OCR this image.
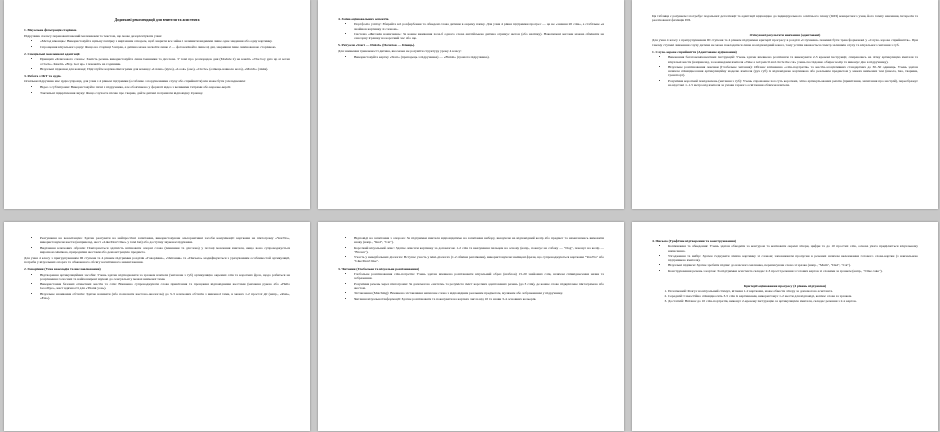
Додаткові рекомендації для вчителя та асистента
1. Візуальна фільтрація сторінки.

Підручник 4 класу перенавантажений малюнками та текстом, що може дезорієнтувати учня:

• «Метод віконця»: Використовуйте щільну папірку з вирізаним отвором, щоб закрити все зайве і залишити видимим лише одне завдання або одну картинку.
• Спрощення візуального ряду: Якщо на сторінці 5 вправ, а дитина може засвоїти лише 2 — фотокопіюйте лише ці дві, закривши інше ламінованою сторінкою.
2. Спеціальні мовленнєві адаптації.
• Принцип «Ключового слова»: Замість речень використовуйте лише іменники та дієслова. У темі про розпорядок дня (Module 2) не кажіть «The boy gets up at seven o'clock». Кажіть «Boy. Get up» і покажіть на годинник.
• Візуальні підказки для команд: Підготуйте картки-піктограми для команд: «Listen» (вухо), «Look» (око), «Circle» (олівець навколо кола), «Match» (лінія).
3. Робота з ІКТ та аудіо.

Оскільки підручник має аудіосупровід, для учня з 4 рівнем підтримки (особливо з порушеннями слуху або сприйняття) він може бути ускладненим:

• Відео з субтитрами: Використовуйте пісні з підручника, але обов'язково у форматі відео з великими титрами або караоке-версії.
• Тактильні підкріплення звуку: Якщо слухаєте пісню про тварин, дайте дитині потримати відповідну іграшку.
4. Зміна оцінювальних аспектів.
• Портфоліо успіху: Збирайте всі розфарбовки та обведені слова дитини в окрему папку. Для учня 4 рівня підтримки прогрес — це не «знання 20 слів», а стабільне «я знайшов картинку зі словом».
• Система «Жетонів намагання»: За кожне вживання хоча-б одного слова англійською дитина отримує жетон (або наліпку). Накопичені жетони можна обміняти на сенсорну іграшку на короткий час або ще.
5. Ритуали «Start — Finish» (Початок — Кінець).

Для зниження тривожності дитина, яка може не розуміти структуру уроку 4 класу:

• Використовуйте картку «Start» (прапорець з підручника) — «Finish» (грамота підручника).

Ця таблиця є рахунком і потребує подальшої деталізації та адаптації відповідно до індивідуального освітнього плану (ІОП) конкретного учня, його темпу навчання, інтересів та реалізованої фахівців ПП.

Очікувані результати навчання (адаптовані)

Для учня 4 класу з пригрупуванням ІІІ ступеня та 4 рівнем підтримки критерії прогресу в розділі «Слухання» повинні бути трансформовані у «Слухо-зорове сприйняття». При такому ступені зниження слуху дитина не може покладатися лише на відповідний канал, тому успіхи вважається спектр залишків слуху та візуального читання з губ.

1. Слухо-зорове сприйняття (Адаптоване аудіювання)
• Виконання багатокомпонентних інструкцій: Учень здатен впевнено розпізнати та виконувати 2-3 крокові інструкції, спираючись на чітку артикуляцію вчителя та візуальні жести (наприклад, за командами вчителя «Take a red pencil and circle the cat» учень послідовно обирає колір та виконує дію в підручнику).
• Візуальне розпізнавання лексики (Глобальне читання): Обізнає впізнанню «слів-портретів» та жестів-асоціативних стандартних до 30–50 одиниць. Учень здатен шляхом співвіднесення артикуляційну моделю вчителя (рух губ) із відповідною картинкою або реальним предметом у межах вивчених тем (школа, їжа, тварини, транспорт).
• Розуміння короткий повідомлень (читання з губ): Учень спроможне хоч суть коротких, чітко артикульованих реплік (привітання, запитання про настрій), переображує на відстані 1–1.5 метра від вчителя за умови гарного освітлення обличчя вчителя.
• Реагування на вокалізацію: Здатен реагувати на найпростіші запитання, використовуючи альтернативні засоби комунікації: картками на піктограму «Yes/No», використовуючи жести (наприклад, жест «Like/Don't like» у темі їжі) або доступну звуконаслідування.
• Виділення ключових образів: Повторюється здатність впізнавати опорні слова (іменники та дієслова) у потоці мовлення вчителя, якщо воно супроводжується виразною мімікою, природніми жестами або демонстрацією предмета.

Для учня 4 класу з пригрупуванням ІІІ ступеня та 4 рівнем підтримки розділів «Говоріння», «Читання» та «Письмо» модифікуються з урахуванням особливостей артикуляції, потреби у візуальних опорах та обмеженого обсягу когнітивного навантаження.

2. Говоріння (Усна взаємодія та висловлювання)
• Відтворення артикуляційних засобів: Учень здатен відтворювати за зразком вчителя (читаючи з губ) артикуляцію окремих слів та коротких фраз, щодо робиться на розрізнення голосних та найпоширені звукові до сенсуальні у межах вивченої теми.
• Використання базових етикетних жестів та слів: Впевнено супроводжувати слова привітання та прощання відповідними жестами (махання рукою або «Hello Goodbye», жест вдячності для «Thank you»).
• Візуальне називання об'єктів: Здатне називати (або позначати жестово-аналогом) до 3–5 ключових об'єктів з вивченої теми, в межах 1-2 простої дії (напр., «Run», «Eat»).
• Відповіді на запитання з опорою: За підтримки вчителя відповідатиме на запитання вибору, вказуючи на відповідний колір або предмет та намагаючись вимовити назву (напр., "Red", "Cat").
• Короткий візуальний опис: Здатне описати картинку за допомогою 1-2 слів та вказування пальцем на основу (напр., показує на собаку — "Dog", показує на колір — "Brown").
• Участь у невербальних діалогах: Вступає участь у міні-діалогах (1-2 обміни репліками), використовуючи заміщені фрази, що супроводжуються картками "Yes/No" або "Like/Don't like".
3. Читання (Глобальне та візуальне розпізнавання)
• Глобальне розпізнавання слів-потретів: Учень здатен впевнено розпізнавати візуальний образ (шаблон) 15-20 знайомих слів, шляхом співвіднесення назви та зображення.
• Розуміння речень через піктограми: За допомогою «читати» та розумієте зміст коротких адаптованих речень (до 3 слів), де кожне слово підкріплене піктограмою або жестом.
• Зіставлення (Matching): Впевнено зіставляння написане слово з відповідним реальним предметом, муляжем або зображенням у підручнику.
• Читання візуальної інформації: Здатне розпізнавати та показувати на картках числа від 10 та назви 3-4 основних кольорів.
4. Письмо (Графічне відтворення та конструювання)
• Копіювання та обведення: Учень здатен обводити за контуром та копіювати окремі літери, цифри та до 10 простих слів, основа увага приділяється візуальному написанню.
• Узгодження та вибір: Здатен з'єднувати лінією картинку зі словом; заповнювати пропуски в речених шляхом вклеювання готового слова-картки (з навчальною підтримкою вчителя).
• Візуальні підписи: Здатне зробити підпис до власного малюнка, переписуючи слово зі зразка (напр., "Mum", "Dad", "Cat").
• Конструювання речень з карток: За підтримки асистента складає 2-3 прості речення з готових карток зі словами за зразком (напр., "I like cake").
Критерії оцінювання прогресу (4 рівень підтримки)
1. Початковий: Реагує на візуальний стимул, вітання 1-2 картками, може обвести літеру за допомогою асистента.
2. Середній: Самостійно співвідносить 3-5 слів із картинками, використовує 1-2 жести для відповіді, копіює слова за зразком.
3. Достатній: Впізнає до 10 слів-портретів, виконує 2-крокову інструкцію за артикуляцією вчителя, складає речення з 2-х карток.
